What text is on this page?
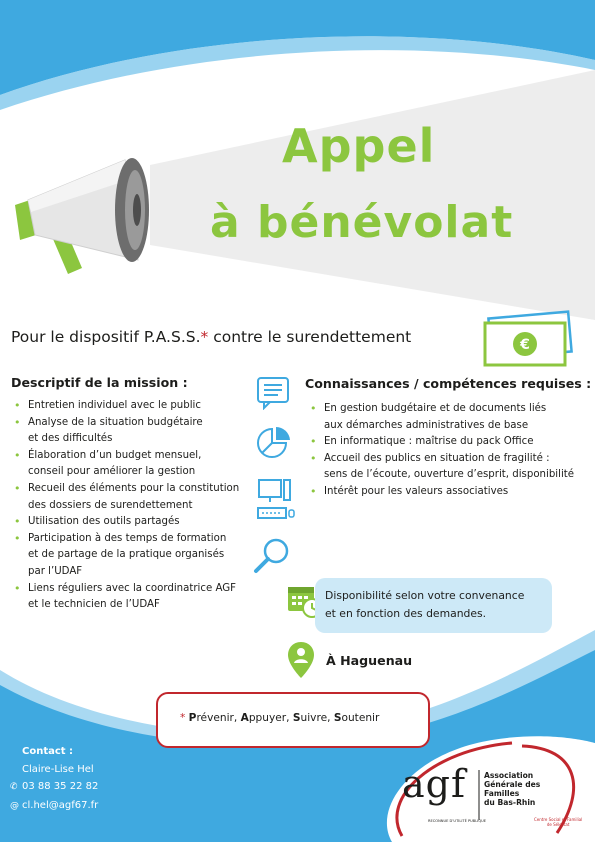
Appel
à bénévolat
Pour le dispositif P.A.S.S.* contre le surendettement	€
Descriptif de la mission :
• Entretien individuel avec le public
• Analyse de la situation budgétaire
et des difficultés
• Élaboration d’un budget mensuel,
conseil pour améliorer la gestion
• Recueil des éléments pour la constitution
des dossiers de surendettement
• Utilisation des outils partagés
• Participation à des temps de formation
et de partage de la pratique organisés
par l’UDAF
• Liens réguliers avec la coordinatrice AGF
et le technicien de l’UDAF
Connaissances / compétences requises :
• En gestion budgétaire et de documents liés
aux démarches administratives de base
• En informatique : maîtrise du pack Office
• Accueil des publics en situation de fragilité :
sens de l’écoute, ouverture d’esprit, disponibilité
• Intérêt pour les valeurs associatives
Disponibilité selon votre convenance
et en fonction des demandes.
À Haguenau
* Prévenir, Appuyer, Suivre, Soutenir
Contact :
Claire-Lise Hel
✆ 03 88 35 22 82
@ cl.hel@agf67.fr	agf Association
Générale des
Familles
du Bas-Rhin
RECONNUE D’UTILITÉ PUBLIQUE	Centre Social et Familial
de Sélestat
